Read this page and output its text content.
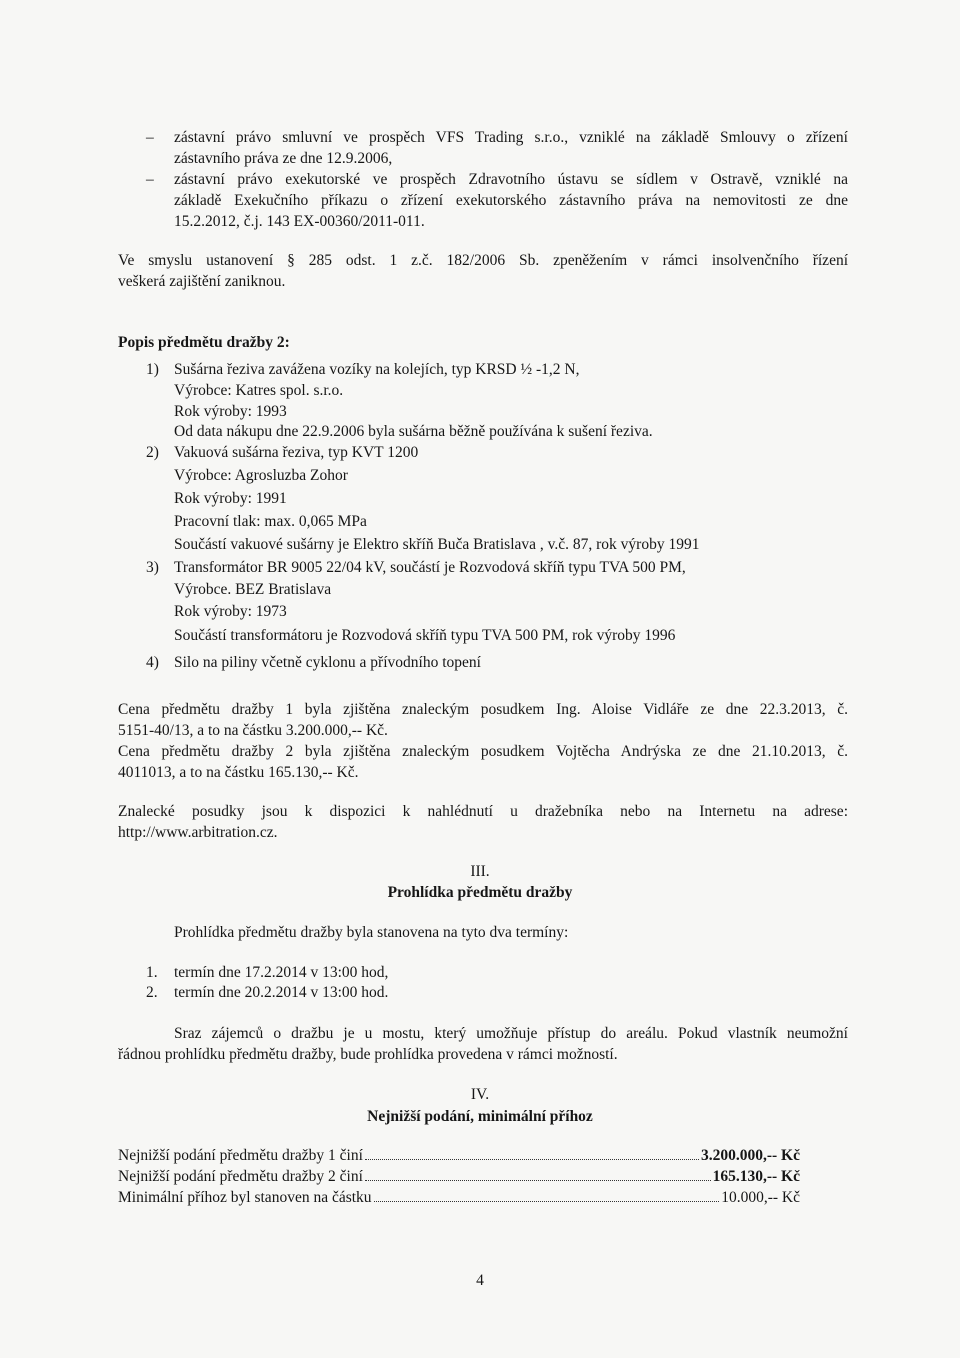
– zástavní právo smluvní ve prospěch VFS Trading s.r.o., vzniklé na základě Smlouvy o zřízení
zástavního práva ze dne 12.9.2006,
– zástavní právo exekutorské ve prospěch Zdravotního ústavu se sídlem v Ostravě, vzniklé na
základě Exekučního příkazu o zřízení exekutorského zástavního práva na nemovitosti ze dne
15.2.2012, č.j. 143 EX-00360/2011-011.
Ve smyslu ustanovení § 285 odst. 1 z.č. 182/2006 Sb. zpeněžením v rámci insolvenčního řízení
veškerá zajištění zaniknou.
Popis předmětu dražby 2:
1) Sušárna řeziva zavážena vozíky na kolejích, typ KRSD ½ -1,2 N,
Výrobce: Katres spol. s.r.o.
Rok výroby: 1993
Od data nákupu dne 22.9.2006 byla sušárna běžně používána k sušení řeziva.
2) Vakuová sušárna řeziva, typ KVT 1200
Výrobce: Agrosluzba Zohor
Rok výroby: 1991
Pracovní tlak: max. 0,065 MPa
Součástí vakuové sušárny je Elektro skříň Buča Bratislava , v.č. 87, rok výroby 1991
3) Transformátor BR 9005 22/04 kV, součástí je Rozvodová skříň typu TVA 500 PM,
Výrobce. BEZ Bratislava
Rok výroby: 1973
Součástí transformátoru je Rozvodová skříň typu TVA 500 PM, rok výroby 1996
4) Silo na piliny včetně cyklonu a přívodního topení
Cena předmětu dražby 1 byla zjištěna znaleckým posudkem Ing. Aloise Vidláře ze dne 22.3.2013, č.
5151-40/13, a to na částku 3.200.000,-- Kč.
Cena předmětu dražby 2 byla zjištěna znaleckým posudkem Vojtěcha Andrýska ze dne 21.10.2013, č.
4011013, a to na částku 165.130,-- Kč.
Znalecké posudky jsou k dispozici k nahlédnutí u dražebníka nebo na Internetu na adrese:
http://www.arbitration.cz.
III.
Prohlídka předmětu dražby
Prohlídka předmětu dražby byla stanovena na tyto dva termíny:
1. termín dne 17.2.2014 v 13:00 hod,
2. termín dne 20.2.2014 v 13:00 hod.
Sraz zájemců o dražbu je u mostu, který umožňuje přístup do areálu. Pokud vlastník neumožní
řádnou prohlídku předmětu dražby, bude prohlídka provedena v rámci možností.
IV.
Nejnižší podání, minimální příhoz
Nejnižší podání předmětu dražby 1 činí	3.200.000,-- Kč
Nejnižší podání předmětu dražby 2 činí	165.130,-- Kč
Minimální příhoz byl stanoven na částku	10.000,-- Kč
4
